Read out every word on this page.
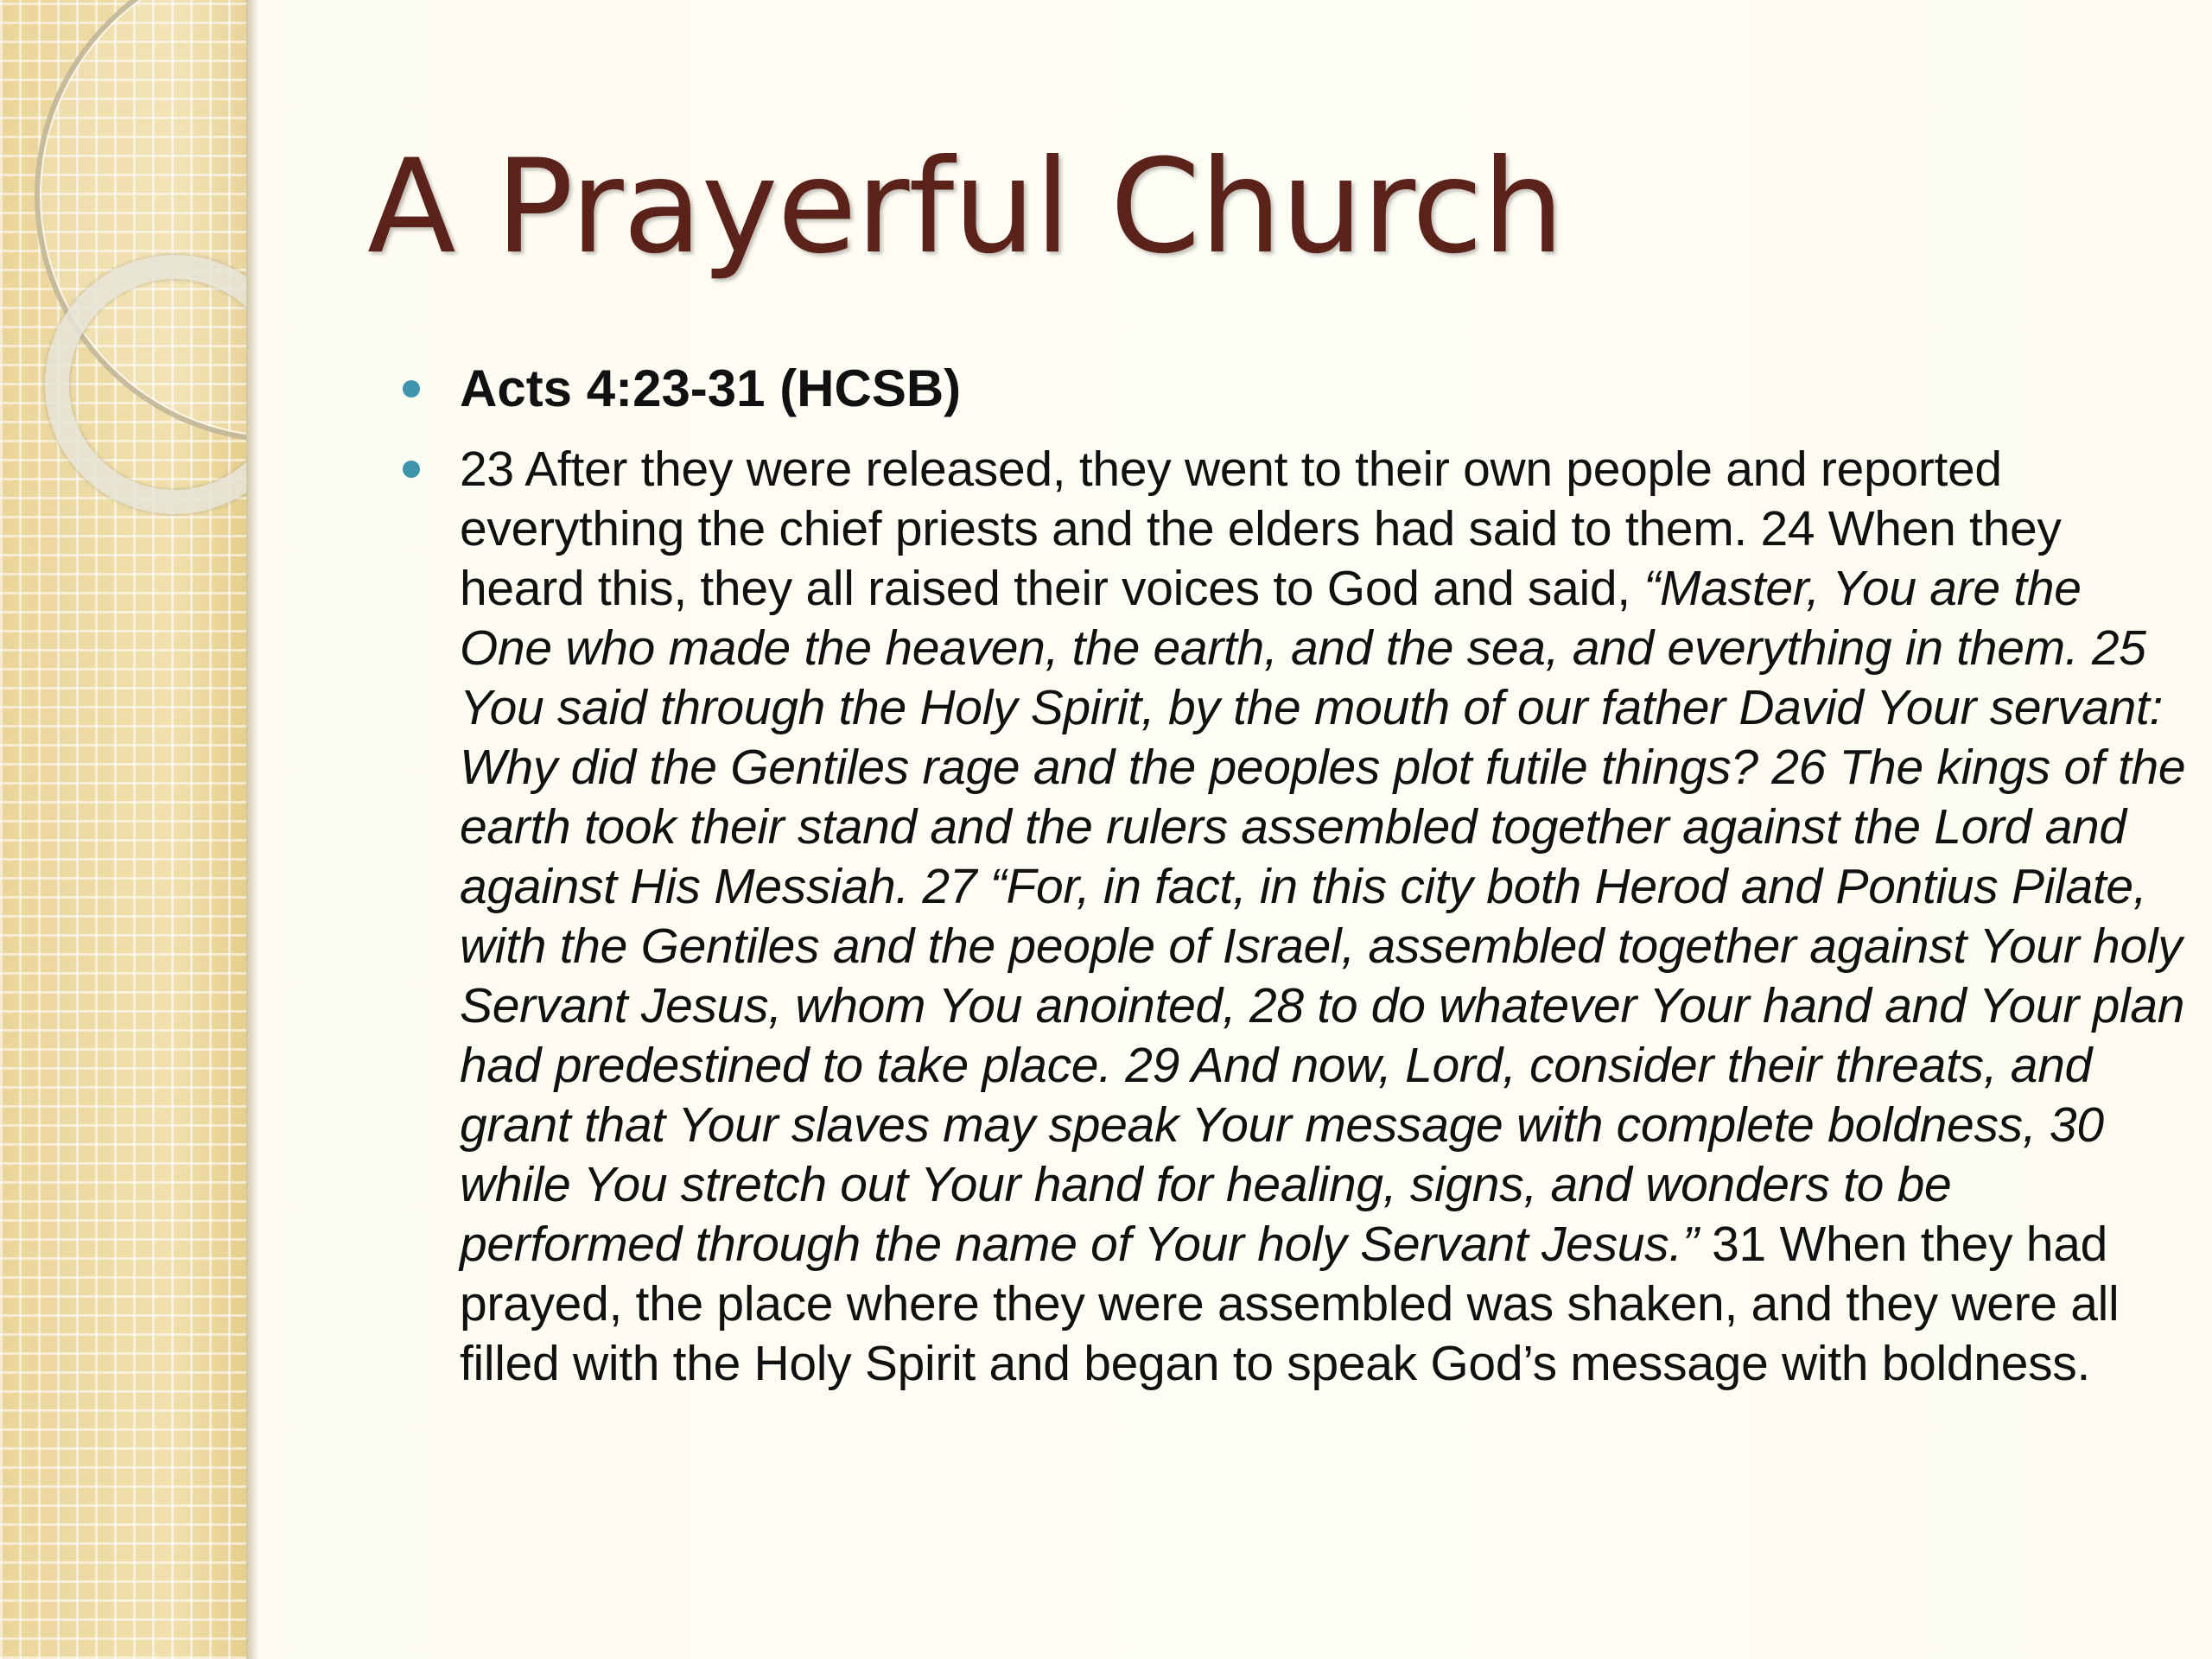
A Prayerful Church
Acts 4:23-31 (HCSB)
23 After they were released, they went to their own people and reported everything the chief priests and the elders had said to them. 24 When they heard this, they all raised their voices to God and said, “Master, You are the One who made the heaven, the earth, and the sea, and everything in them. 25 You said through the Holy Spirit, by the mouth of our father David Your servant: Why did the Gentiles rage and the peoples plot futile things? 26 The kings of the earth took their stand and the rulers assembled together against the Lord and against His Messiah. 27 “For, in fact, in this city both Herod and Pontius Pilate, with the Gentiles and the people of Israel, assembled together against Your holy Servant Jesus, whom You anointed, 28 to do whatever Your hand and Your plan had predestined to take place. 29 And now, Lord, consider their threats, and grant that Your slaves may speak Your message with complete boldness, 30 while You stretch out Your hand for healing, signs, and wonders to be performed through the name of Your holy Servant Jesus.” 31 When they had prayed, the place where they were assembled was shaken, and they were all filled with the Holy Spirit and began to speak God’s message with boldness.
